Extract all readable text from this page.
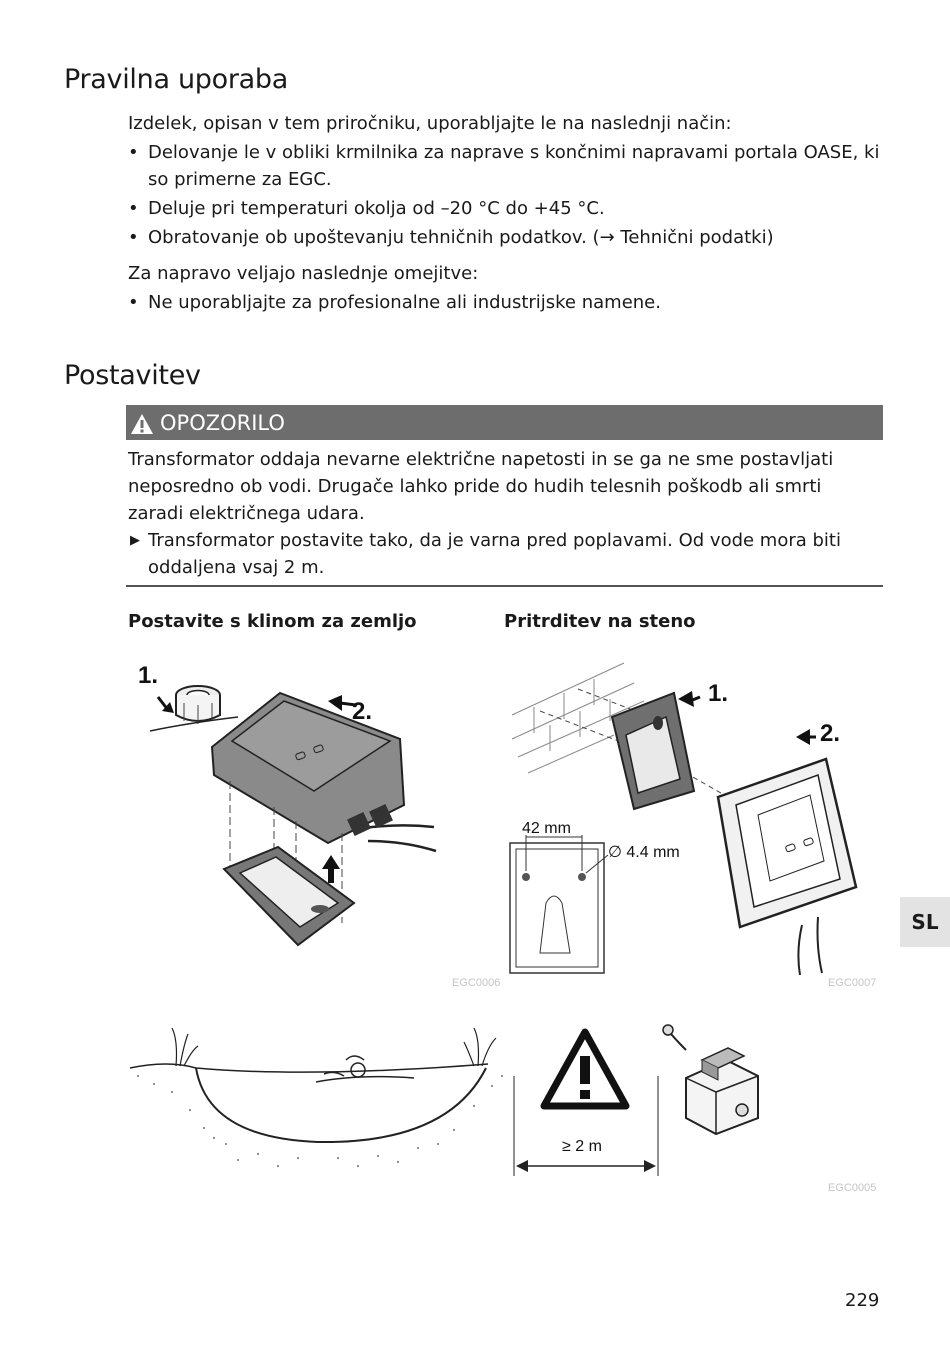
Pravilna uporaba

Izdelek, opisan v tem priročniku, uporabljajte le na naslednji način:

• Delovanje le v obliki krmilnika za naprave s končnimi napravami portala OASE, ki so primerne za EGC.
• Deluje pri temperaturi okolja od –20 °C do +45 °C.
• Obratovanje ob upoštevanju tehničnih podatkov. (→ Tehnični podatki)

Za napravo veljajo naslednje omejitve:

• Ne uporabljajte za profesionalne ali industrijske namene.
Postavitev
OPOZORILO

Transformator oddaja nevarne električne napetosti in se ga ne sme postavljati neposredno ob vodi. Drugače lahko pride do hudih telesnih poškodb ali smrti zaradi električnega udara.

▶ Transformator postavite tako, da je varna pred poplavami. Od vode mora biti oddaljena vsaj 2 m.
Postavite s klinom za zemljo	Pritrditev na steno
1.
2.
EGC0006
1.
2.
42 mm
∅ 4.4 mm
EGC0007
≥ 2 m
EGC0005
SL
229
